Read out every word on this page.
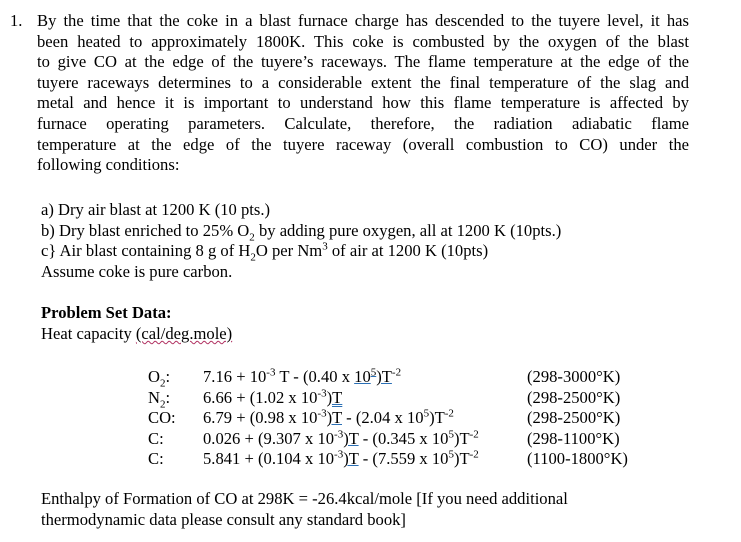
1. By the time that the coke in a blast furnace charge has descended to the tuyere level, it has
been heated to approximately 1800K. This coke is combusted by the oxygen of the blast
to give CO at the edge of the tuyere’s raceways. The flame temperature at the edge of the
tuyere raceways determines to a considerable extent the final temperature of the slag and
metal and hence it is important to understand how this flame temperature is affected by
furnace operating parameters. Calculate, therefore, the radiation adiabatic flame
temperature at the edge of the tuyere raceway (overall combustion to CO) under the
following conditions:
a) Dry air blast at 1200 K (10 pts.)
b) Dry blast enriched to 25% $O_2$ by adding pure oxygen, all at 1200 K (10pts.)
c} Air blast containing 8 g of $H_2O$ per Nm$^3$ of air at 1200 K (10pts)
Assume coke is pure carbon.
Problem Set Data:
Heat capacity (cal/deg.mole)
$O_2$: $7.16 + 10^{-3}$ T - (0.40 x $10^5)T^{-2}$	(298-3000°K)
$N_2$: 6.66 + (1.02 x $10^{-3})T$	(298-2500°K)
CO: 6.79 + (0.98 x $10^{-3})T - (2.04$ x $10^5)T^{-2}$	(298-2500°K)
C: 0.026 + (9.307 x $10^{-3})T - (0.345$ x $10^5)T^{-2}$	(298-1100°K)
C: 5.841 + (0.104 x $10^{-3})T - (7.559$ x $10^5)T^{-2}$	(1100-1800°K)
Enthalpy of Formation of CO at 298K = -26.4kcal/mole [If you need additional
thermodynamic data please consult any standard book]
